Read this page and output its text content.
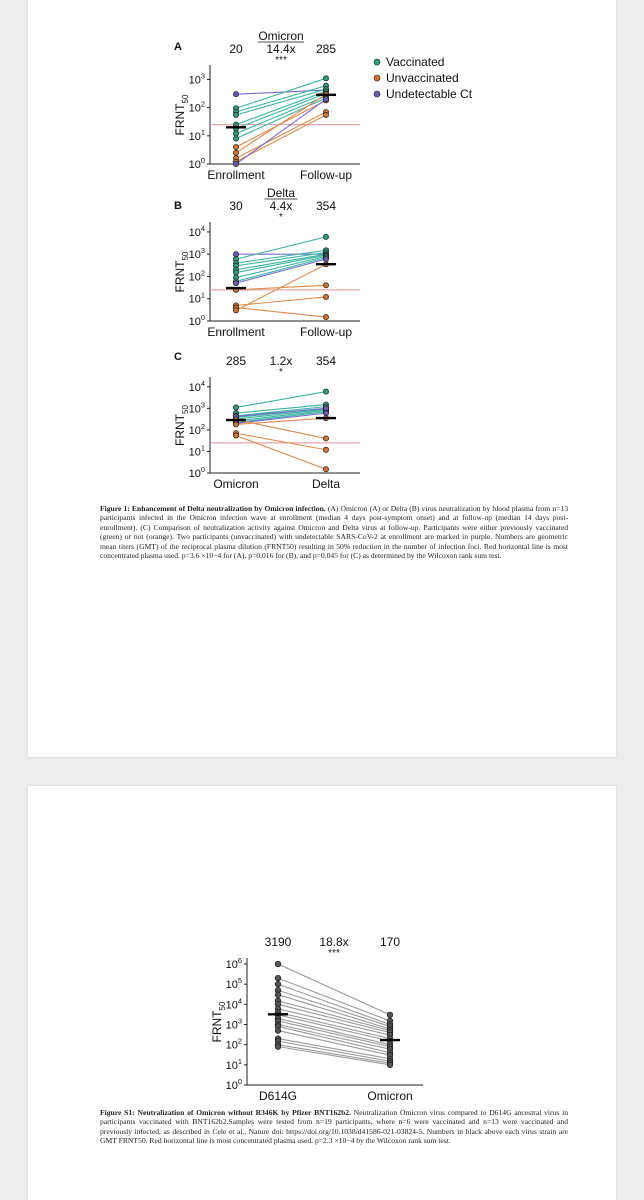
$10^0$
$10^1$
$10^2$
$10^3$
$FRNT_{50}$
Enrollment	Follow-up
20	285
14.4x
***
Omicron
A
$10^0$
$10^1$
$10^2$
$10^3$
$10^4$
$FRNT_{50}$
Enrollment	Follow-up
30	354
4.4x
*
Delta
B
$10^0$
$10^1$
$10^2$
$10^3$
$10^4$
$FRNT_{50}$
Omicron	Delta
285	354
1.2x
*
C
Vaccinated
Unvaccinated
Undetectable Ct

Figure 1: Enhancement of Delta neutralization by Omicron infection. (A) Omicron (A) or Delta (B) virus neutralization by blood plasma from n=13 participants infected in the Omicron infection wave at enrollment (median 4 days post-symptom onset) and at follow-up (median 14 days post-enrollment). (C) Comparison of neutralization activity against Omicron and Delta virus at follow-up. Participants were either previously vaccinated (green) or not (orange). Two participants (unvaccinated) with undetectable SARS-CoV-2 at enrollment are marked in purple. Numbers are geometric mean titers (GMT) of the reciprocal plasma dilution (FRNT50) resulting in 50% reduction in the number of infection foci. Red horizontal line is most concentrated plasma used. p=3.6 ×10−4 for (A), p=0.016 for (B), and p=0.045 for (C) as determined by the Wilcoxon rank sum test.

$10^0$
$10^1$
$10^2$
$10^3$
$10^4$
$10^5$
$10^6$
$FRNT_{50}$
D614G	Omicron
3190	170
18.8x
***

Figure S1: Neutralization of Omicron without R346K by Pfizer BNT162b2. Neutralization Omicron virus compared to D614G ancestral virus in participants vaccinated with BNT162b2.Samples were tested from n=19 participants, where n=6 were vaccinated and n=13 were vaccinated and previously infected, as described in Cele et al., Nature doi: https://doi.org/10.1038/d41586-021-03824-5. Numbers in black above each virus strain are GMT FRNT50. Red horizontal line is most concentrated plasma used. p=2.3 ×10−4 by the Wilcoxon rank sum test.
